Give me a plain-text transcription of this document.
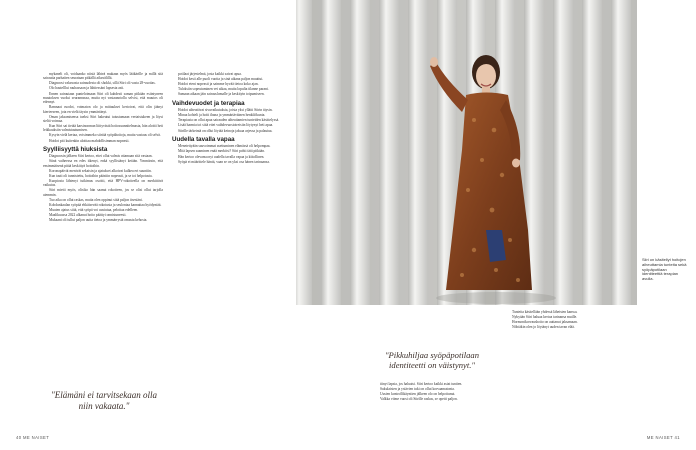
mykaneli oli, voidaanko niistä lähteä mukaan myös lääkärille ja millä sitä sairautta parhaiten seurataan pitkällä aikavälillä.

Diagnoosi vakavasta sairaudesta oli shokki, sillä Siiri oli vasta 28-vuotias.

Olo hautelllui rauhassaan ja lähtiessäni lapsesta asti.

Ennen sairautaan punteloimaan Siiri oli kahdesti saman pitkään esiintyneen muutoksen vuoksi seurannassa, mutta nyt vastaanotolla selvisi, että muutos oli edennyt.

Ramnaat ruodot, voimaton olo ja mittaukset kertoivat, että olin jäänyt kierteeseen, jota en vielä täysin ymmärtänyt.

Oman jaksamisensa tueksi Siiri hakeutui tutustumaan vertaistukeen ja löysi sieltä voimaa.

Kun Siiri sai tietää karsinooman liittyvästä hoitosuunnitelmasta, hän aloitti heti leikkauksiin valmistautumisen.

Kysyin vielä kertaa, voisimmeko siirtää syöpähoitoja, mutta vastaus oli selvä.

Hoidot piti kuitenkin aloittaa mahdollisimman nopeasti.

Syylliisyyttä hiuksista

Diagnoosin jälkeen Siiri kertoo, ettei ollut valmis ottamaan sitä vastaan.

Siinä vaiheessa en edes itkenyt, enkä syyllistänyt ketään. Ymmärsin, että ensimmäisenä pitää keskittyä hoitoihin.

Koronapäivät menivät sekaisin ja ajatukset alkoivat kulkea eri suuntiin.

Kun tauti oli tunnistettu, hoitoihin päästiin nopeasti, ja se toi helpotusta.

Kuopiosta lähtenyt tutkimus osoitti, että HPV-rokotteella on merkittävä vaikutus.

Siiri mietti myös, olisiko hän saanut rokotteen, jos se olisi ollut tarjolla aiemmin.

Tuo aika on ollut raskas, mutta olen oppinut siitä paljon itsestäni.

Kohdunkaulan syöpää ehkäisevää rokotusta ja seulontaa kannattaa hyödyntää.

Muuten ajatus siitä, että syöpä voi uusiutua, pelottaa edelleen.

Maalikuussa 2022 alkanut hoito päättyi onnistuneesti.

Mukaani oli tullut paljon uutta tietoa ja ymmärrystä omasta kehosta.

"Elämäni ei tarvitsekaan olla niin vakaata."

potilaat järjestelmä, josta kaikki saivat apua.

Hoidot kesti alle puoli vuotta ja sinä aikana paljon muuttui.

Hoidot eteni nopeasti ja saimme hyvää tietoa koko ajan.

Tuloksiin sopeutuminen vei aikaa, mutta lopulta tilanne parani.

Samaan aikaan jäin sairauslomalle ja keskityin toipumiseen.

Vaihdevuodet ja terapiaa

Hoidot aiheuttivat sivuvaikutuksia, joista yksi yllätti Siirin täysin.

Minua kohteli ja hoiti ihana ja ymmärtäväinen henkilökunta.

Terapiasta on ollut apua sairauden aiheuttamien tunteiden käsittelyssä.

Lisää harmia toi siitä ettei vaihdevuosioireisiin löytynyt heti apua.

Siirille tärkeintä on ollut löytää keinoja jaksaa arjessa ja palautua.

Uudella tavalla vapaa

Menetettyään sauvoimmat asettuminen elämässä oli helpompaa.

Mitä lapsen saaminen enää merkitsi? Siiri pohti tätä pitkään.

Hän kertoo olevansa nyt uudella tavalla vapaa ja kiitollinen.

Syöpä ei määrittele häntä, vaan se on yksi osa hänen tarinaansa.

40 ME NAISET	ME NAISET 41
"Pikkuhiljaa syöpäpotilaan identiteetti on väistynyt."
Siiri on käsitellyt hoitojen aiheuttamia tunteita sekä syöpäpotilaan identiteettiä terapian avulla.

tiinyt lapsia, jos haluaisi. Siiri kertoo kaikki asiat tuntien.

Sukulaisten ja ystävien tuki on ollut korvaamatonta.

Uusien kontrollikäyntien jälkeen olo on helpottunut.

Valkka viime vuosi oli Siirille raskas, se opetti paljon.

Tunteita käsitellään yhdessä läheisten kanssa.

Nykyään Siiri haluaa kertoa tarinansa muille.

Hormonikorvaushoito on auttanut jaksamaan.

Nöhtäkin olen jo löytänyt uuden tavan elää.
